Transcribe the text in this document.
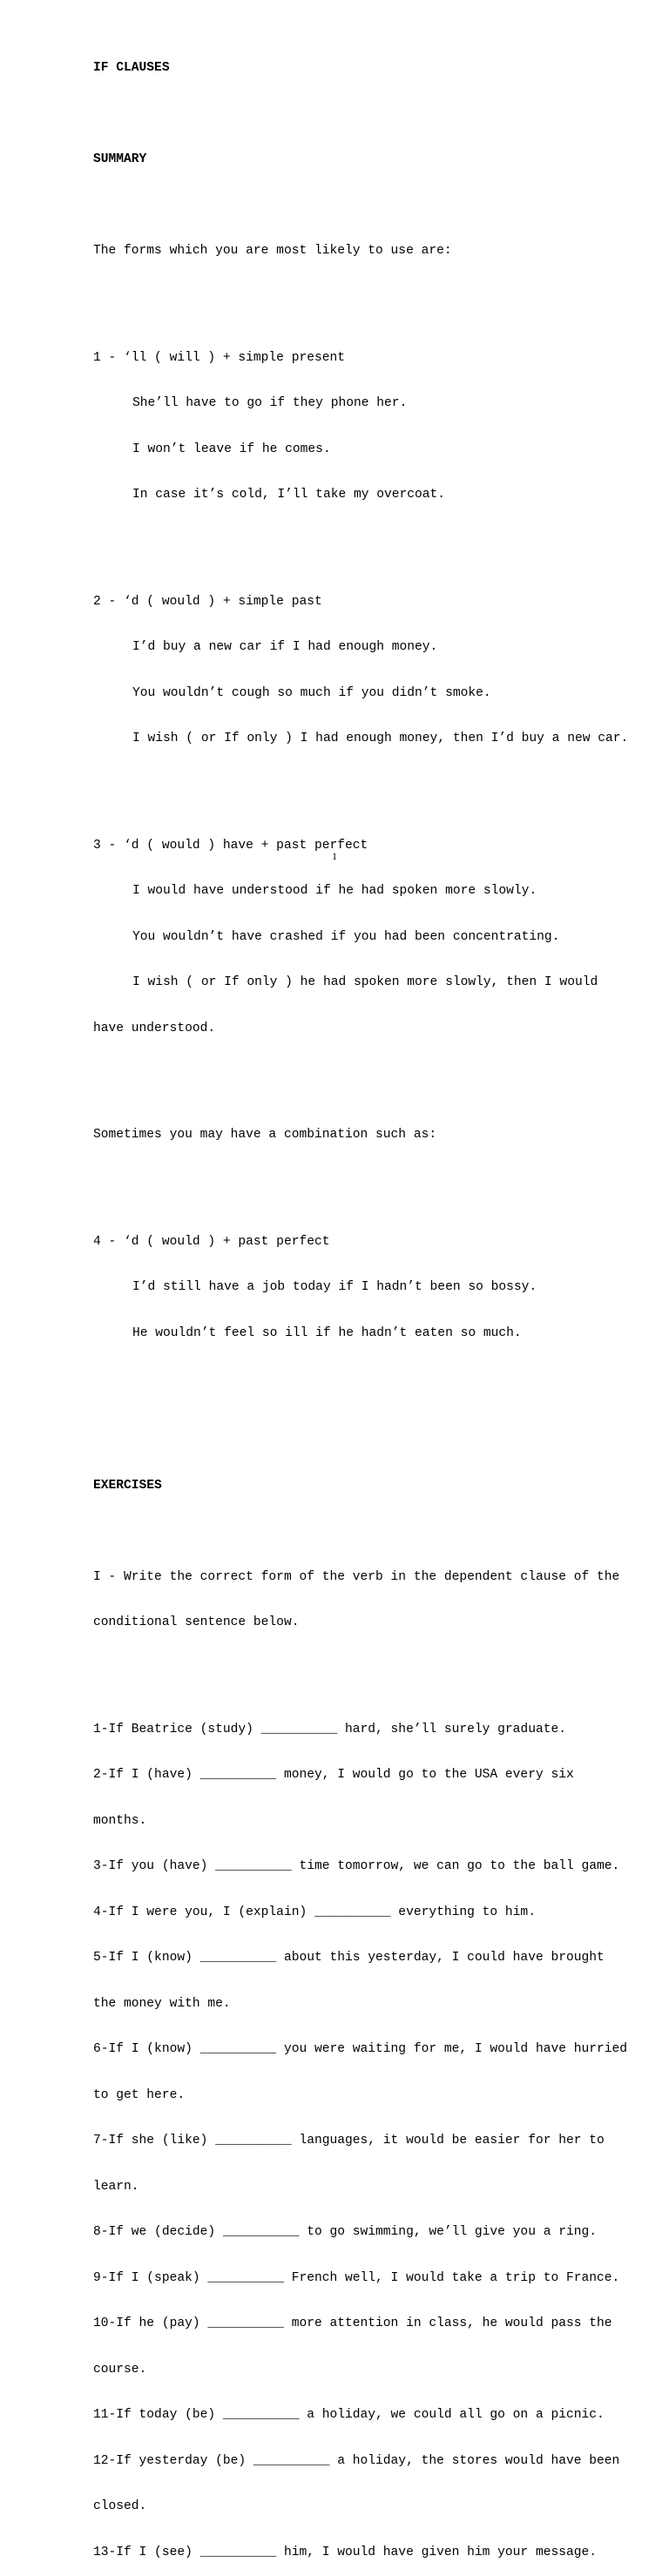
IF CLAUSES

SUMMARY

The forms which you are most likely to use are:

1 - ‘ll ( will ) + simple present

She’ll have to go if they phone her.

I won’t leave if he comes.

In case it’s cold, I’ll take my overcoat.

2 - ‘d ( would ) + simple past

I’d buy a new car if I had enough money.

You wouldn’t cough so much if you didn’t smoke.

I wish ( or If only ) I had enough money, then I’d buy a new car.

3 - ‘d ( would ) have + past perfect

I would have understood if he had spoken more slowly.

You wouldn’t have crashed if you had been concentrating.

I wish ( or If only ) he had spoken more slowly, then I would

have understood.

Sometimes you may have a combination such as:

4 - ‘d ( would ) + past perfect

I’d still have a job today if I hadn’t been so bossy.

He wouldn’t feel so ill if he hadn’t eaten so much.

EXERCISES

I - Write the correct form of the verb in the dependent clause of the

conditional sentence below.

1-If Beatrice (study) __________ hard, she’ll surely graduate.

2-If I (have) __________ money, I would go to the USA every six

months.

3-If you (have) __________ time tomorrow, we can go to the ball game.

4-If I were you, I (explain) __________ everything to him.

5-If I (know) __________ about this yesterday, I could have brought

the money with me.

6-If I (know) __________ you were waiting for me, I would have hurried

to get here.

7-If she (like) __________ languages, it would be easier for her to

learn.

8-If we (decide) __________ to go swimming, we’ll give you a ring.

9-If I (speak) __________ French well, I would take a trip to France.

10-If he (pay) __________ more attention in class, he would pass the

course.

11-If today (be) __________ a holiday, we could all go on a picnic.

12-If yesterday (be) __________ a holiday, the stores would have been

closed.

13-If I (see) __________ him, I would have given him your message.

1
